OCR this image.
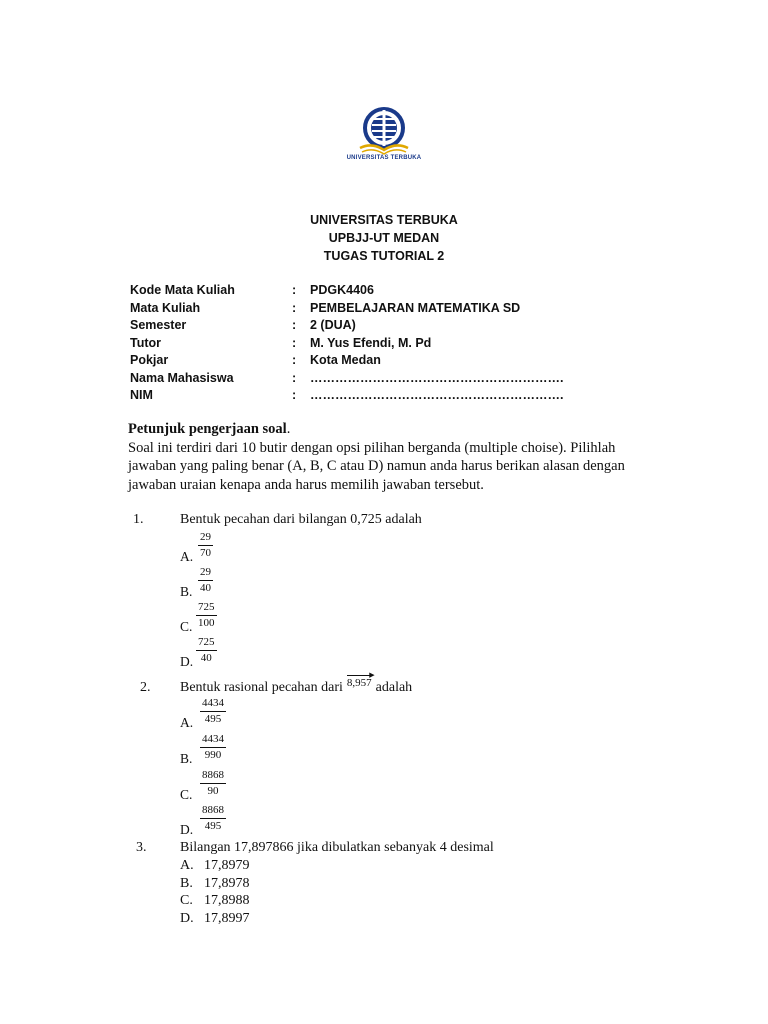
UNIVERSITAS TERBUKA
UNIVERSITAS TERBUKA
UPBJJ-UT MEDAN
TUGAS TUTORIAL 2
Kode Mata Kuliah	: PDGK4406
Mata Kuliah	: PEMBELAJARAN MATEMATIKA SD
Semester	: 2 (DUA)
Tutor	: M. Yus Efendi, M. Pd
Pokjar	: Kota Medan
Nama Mahasiswa	: …………………………………………………….
NIM	: …………………………………………………….
Petunjuk pengerjaan soal.
Soal ini terdiri dari 10 butir dengan opsi pilihan berganda (multiple choise). Pilihlah
jawaban yang paling benar (A, B, C atau D) namun anda harus berikan alasan dengan
jawaban uraian kenapa anda harus memilih jawaban tersebut.
1.	Bentuk pecahan dari bilangan 0,725 adalah
A. $\frac{29}{70}$
B. $\frac{29}{40}$
C. $\frac{725}{100}$
D. $\frac{725}{40}$
2. Bentuk rasional pecahan dari
▶
8,957 adalah
A. $\frac{4434}{495}$
B. $\frac{4434}{990}$
C. $\frac{8868}{90}$
D. $\frac{8868}{495}$
3. Bilangan 17,897866 jika dibulatkan sebanyak 4 desimal
A. 17,8979
B. 17,8978
C. 17,8988
D. 17,8997
